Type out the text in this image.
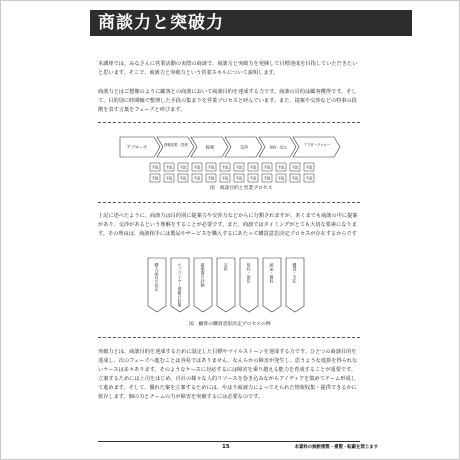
商談力と突破力

本講座では、みなさんに営業活動の実際の商談で、商談力と突破力を発揮して目標達成を目指していただきたいと思います。そこで、商談力と突破力という営業スキルについて説明します。

商談力とはご想像のように顧客との商談において商談目的を達成する力です。商談の目的は顧客獲得です。そして、目的別に時間軸で整理した手段の集まりを営業プロセスと呼んでいます。また、提案や交渉などの特事の段階を表す言葉をフェーズと呼びます。

アプローチ	情報収集・提供	提案	交渉	契約・受注
アフターフォロー
手段 手段 手段 手段 手段 手段 手段 手段 手段 手段 手段 手段
手段 手段 手段 手段 手段 手段 手段 手段 手段 手段 手段 手段
図　商談目的と営業プロセス
購入品目の決定	サプライヤー情報の収集	提案書の評価	交渉	契約・発注	納品・検収	購買・支払
図　顧客の購買意思決定プロセスの例

上記に述べたように、商談力は目的別に提案力や交渉力などからに分類されますが、あくまでも商談の中に提案があり、交渉があるという理解をすることが必要です。また、商談ではタイミングがとても大切な要素になります。その理由は、商談相手には製品やサービスを購入するにあたって購買意思決定プロセスが存在するからです

突破力とは、商談目的を達成するために設定した目標やマイルストーンを達成する力です。ひとつの商談目的を達成し、次のフェーズへ進むことは容易ではありません。なんらかの障害が発生し、思うような進捗を得られないケースは多々あります。そのようなケースに対応するには障害を乗り越える能力を育成することが重要です。立案するためには上司をはじめ、自社の様々な人的リソースを巻き込みながらアイディアを集めてチーム形成して進めます。そして、優れた案を立案するためには、やはり商談力によってえられた情報収集・提供できるかに依存します。個の力とチームの力が障害を突破するには必要なのです。

15	本資料の無断複製・複製・転載を禁じます
